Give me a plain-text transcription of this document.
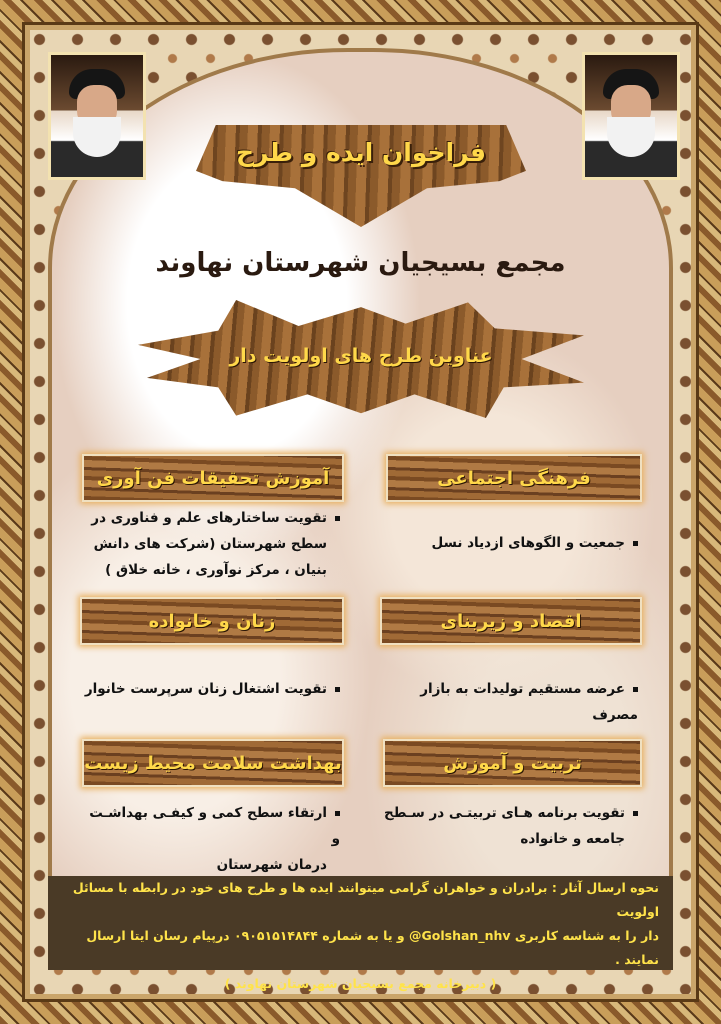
فراخوان ایده و طرح
مجمع بسیجیان شهرستان نهاوند
عناوین طرح های اولویت دار
فرهنگی اجتماعی
جمعیت و الگوهای ازدیاد نسل
آموزش تحقیقات فن آوری
تقویت ساختارهای علم و فناوری در
سطح شهرستان (شرکت های دانش
بنیان ، مرکز نوآوری ، خانه خلاق )
اقصاد و زیربنای
عرضه مستقیم تولیدات به بازار مصرف
زنان و خانواده
تقویت اشتغال زنان سرپرست خانوار
تربیت و آموزش
تقویت برنامه هـای تربیتـی در سـطح
جامعه و خانواده
بهداشت سلامت محیط زیست
ارتقاء سطح کمی و کیفـی بهداشـت و
درمان شهرستان

نحوه ارسال آثار : برادران و خواهران گرامی میتوانند ایده ها و طرح های خود در رابطه با مسائل اولویت

دار را به شناسه کاربری Golshan_nhv@ و یا به شماره ۰۹۰۵۱۵۱۴۸۴۴ درپیام رسان ایتا ارسال نمایند .

( دبیرخانه مجمع بسیجیان شهرستان نهاوند )
